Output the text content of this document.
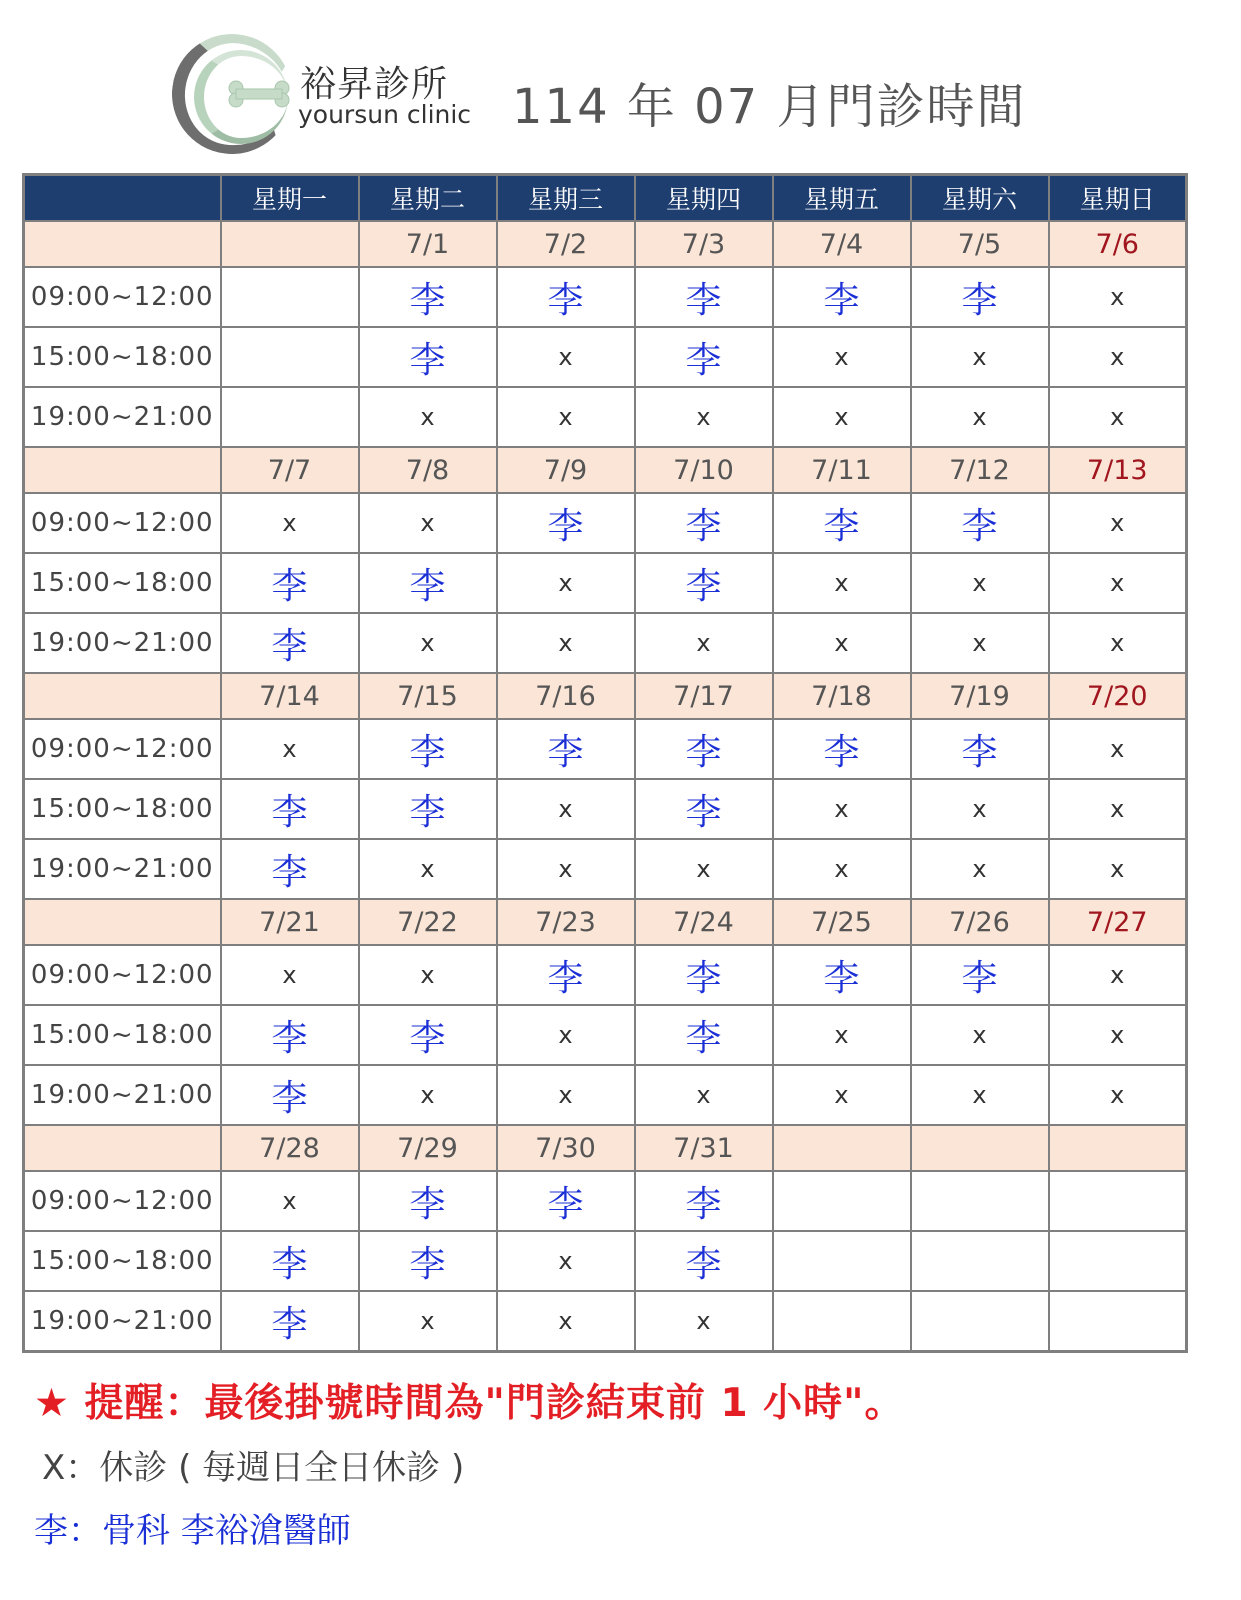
裕昇診所
yoursun clinic 114 年 07 月門診時間
	星期一	星期二	星期三	星期四	星期五	星期六	星期日
		7/1	7/2	7/3	7/4	7/5	7/6
09:00~12:00		李	李	李	李	李	x
15:00~18:00		李	x	李	x	x	x
19:00~21:00		x	x	x	x	x	x
	7/7	7/8	7/9	7/10	7/11	7/12	7/13
09:00~12:00	x	x	李	李	李	李	x
15:00~18:00	李	李	x	李	x	x	x
19:00~21:00	李	x	x	x	x	x	x
	7/14	7/15	7/16	7/17	7/18	7/19	7/20
09:00~12:00	x	李	李	李	李	李	x
15:00~18:00	李	李	x	李	x	x	x
19:00~21:00	李	x	x	x	x	x	x
	7/21	7/22	7/23	7/24	7/25	7/26	7/27
09:00~12:00	x	x	李	李	李	李	x
15:00~18:00	李	李	x	李	x	x	x
19:00~21:00	李	x	x	x	x	x	x
	7/28	7/29	7/30	7/31			
09:00~12:00	x	李	李	李			
15:00~18:00	李	李	x	李			
19:00~21:00	李	x	x	x			
★ 提醒：最後掛號時間為"門診結束前 1 小時"。
X：休診 ( 每週日全日休診 )
李：骨科 李裕滄醫師
